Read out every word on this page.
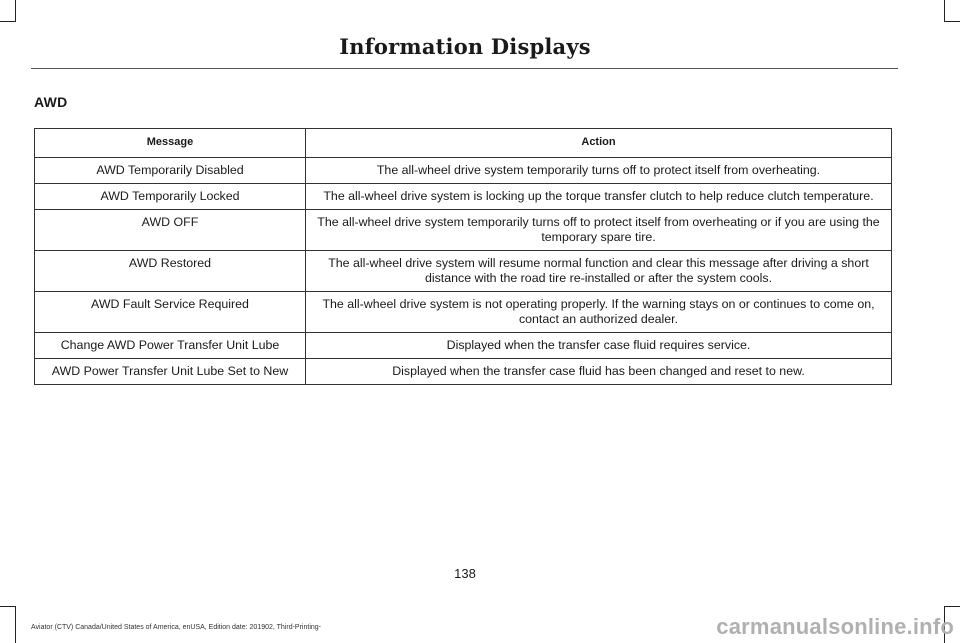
Information Displays
AWD
Message	Action
AWD Temporarily Disabled	The all-wheel drive system temporarily turns off to protect itself from overheating.
AWD Temporarily Locked	The all-wheel drive system is locking up the torque transfer clutch to help reduce clutch temperature.
AWD OFF	The all-wheel drive system temporarily turns off to protect itself from overheating or if you are using the temporary spare tire.
AWD Restored	The all-wheel drive system will resume normal function and clear this message after driving a short distance with the road tire re-installed or after the system cools.
AWD Fault Service Required	The all-wheel drive system is not operating properly. If the warning stays on or continues to come on, contact an authorized dealer.
Change AWD Power Transfer Unit Lube	Displayed when the transfer case fluid requires service.
AWD Power Transfer Unit Lube Set to New	Displayed when the transfer case fluid has been changed and reset to new.
138
Aviator (CTV) Canada/United States of America, enUSA, Edition date: 201902, Third-Printing-	carmanualsonline.info
